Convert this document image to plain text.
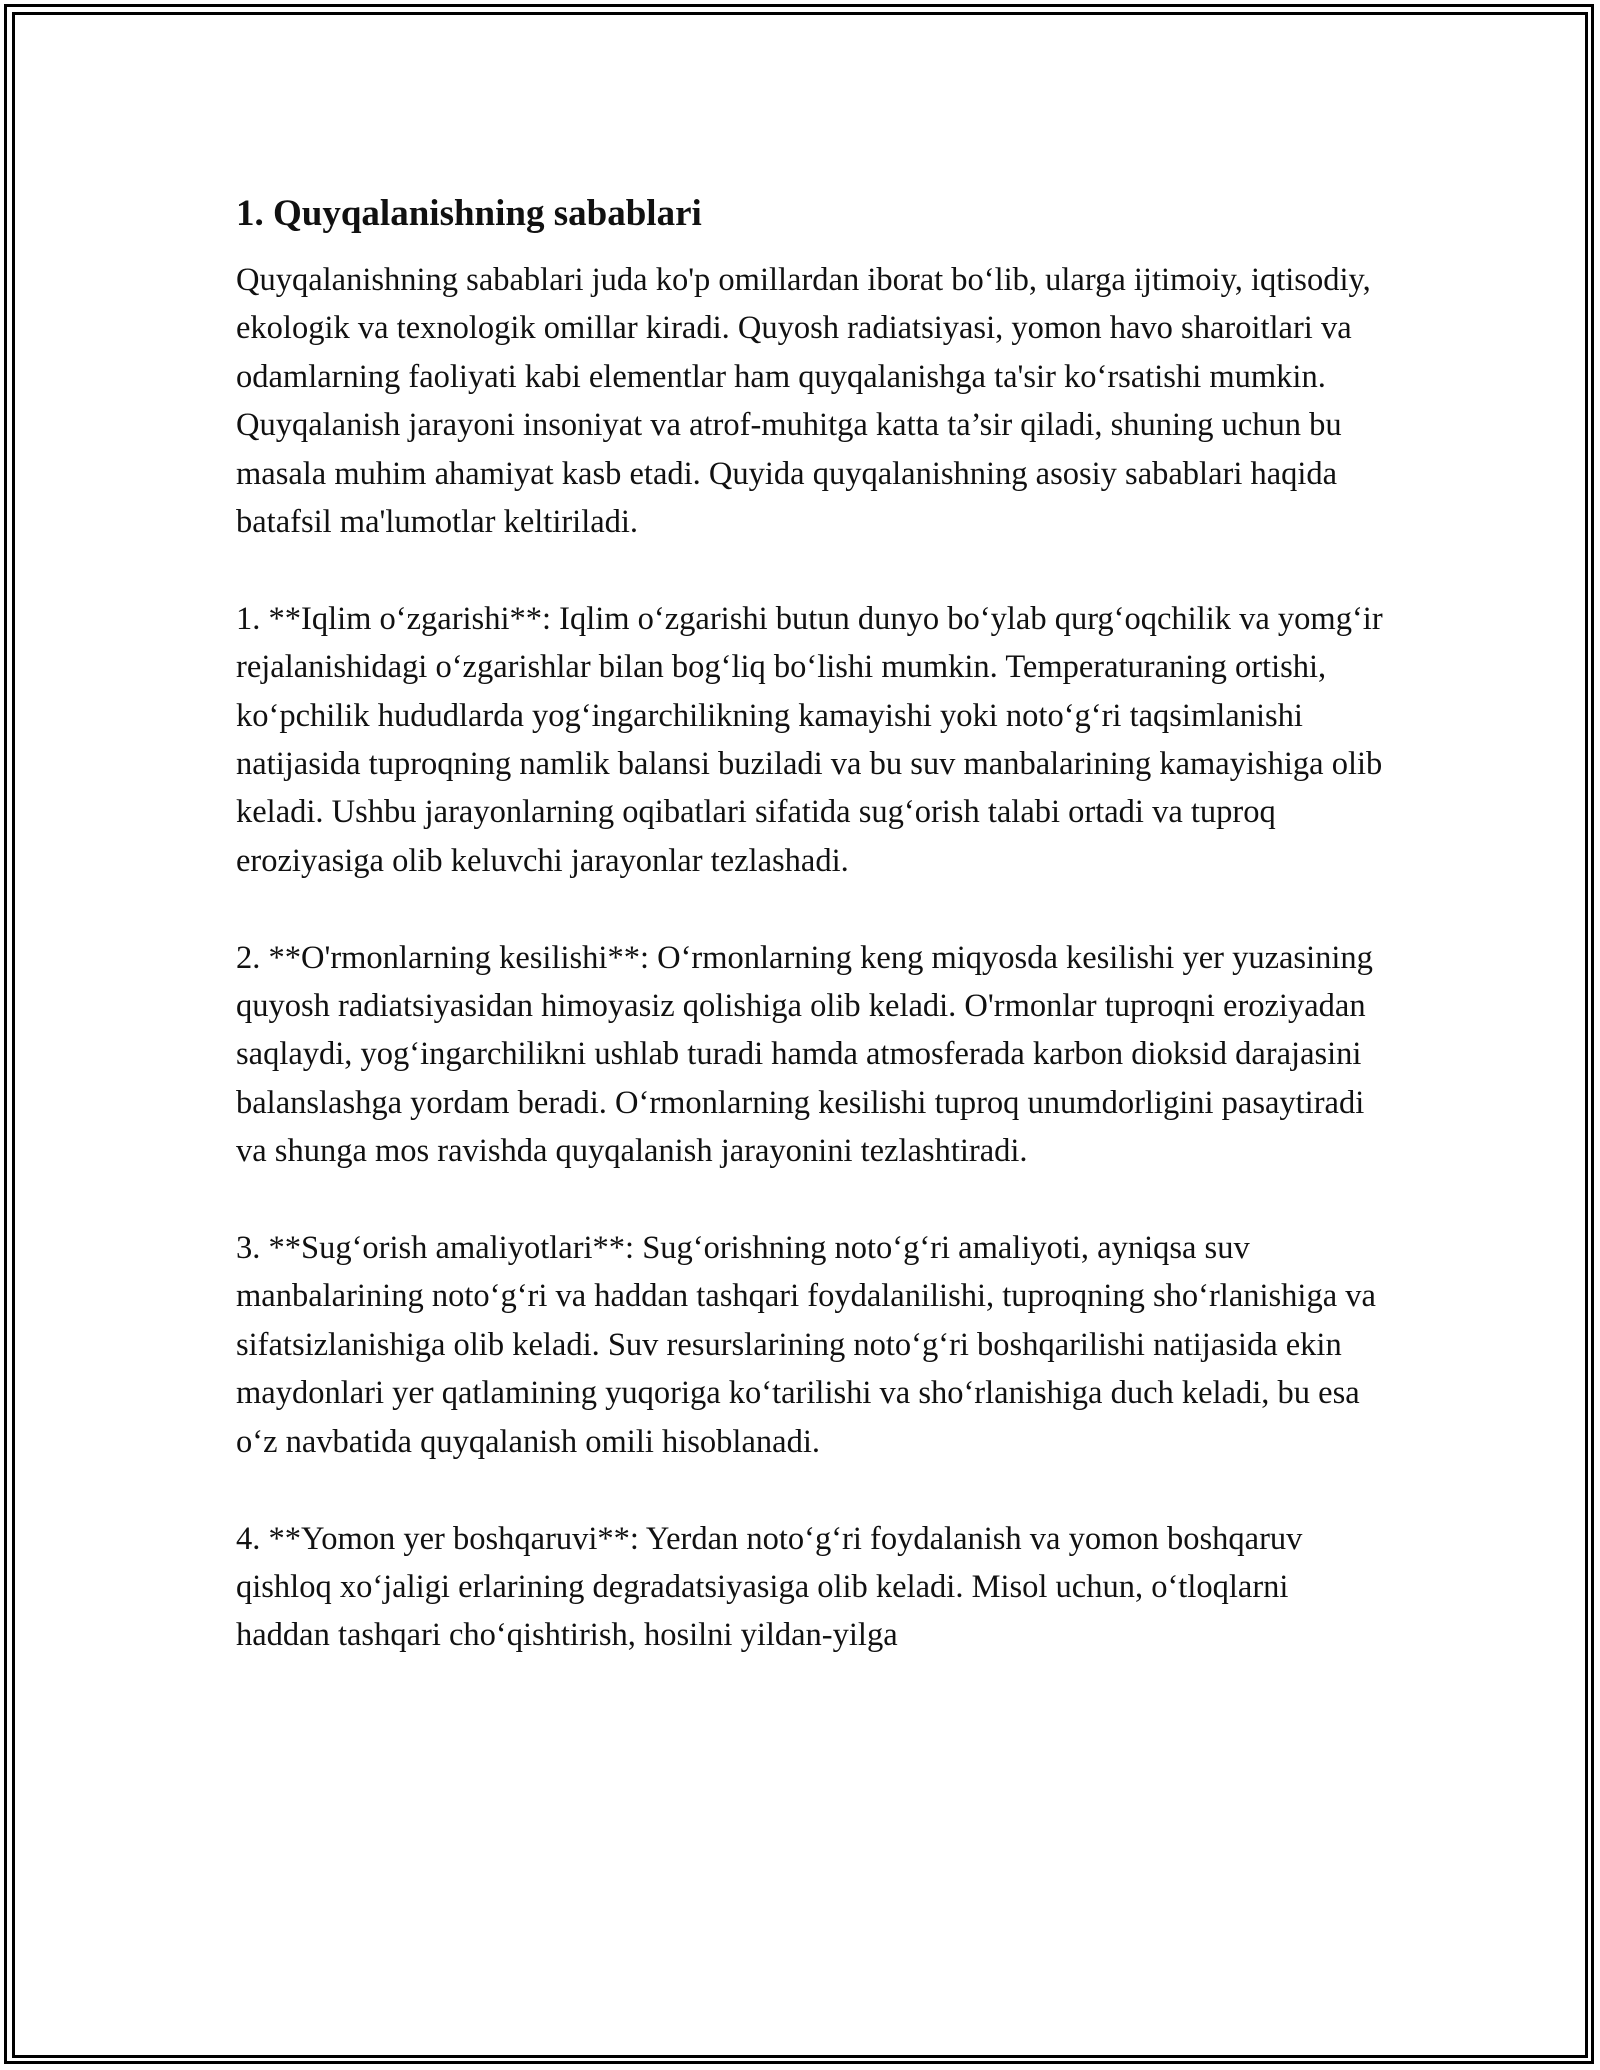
1. Quyqalanishning sabablari

Quyqalanishning sabablari juda ko'p omillardan iborat bo‘lib, ularga ijtimoiy, iqtisodiy, ekologik va texnologik omillar kiradi. Quyosh radiatsiyasi, yomon havo sharoitlari va odamlarning faoliyati kabi elementlar ham quyqalanishga ta'sir ko‘rsatishi mumkin. Quyqalanish jarayoni insoniyat va atrof-muhitga katta ta’sir qiladi, shuning uchun bu masala muhim ahamiyat kasb etadi. Quyida quyqalanishning asosiy sabablari haqida batafsil ma'lumotlar keltiriladi.

1. **Iqlim o‘zgarishi**: Iqlim o‘zgarishi butun dunyo bo‘ylab qurg‘oqchilik va yomg‘ir rejalanishidagi o‘zgarishlar bilan bog‘liq bo‘lishi mumkin. Temperaturaning ortishi, ko‘pchilik hududlarda yog‘ingarchilikning kamayishi yoki noto‘g‘ri taqsimlanishi natijasida tuproqning namlik balansi buziladi va bu suv manbalarining kamayishiga olib keladi. Ushbu jarayonlarning oqibatlari sifatida sug‘orish talabi ortadi va tuproq eroziyasiga olib keluvchi jarayonlar tezlashadi.

2. **O'rmonlarning kesilishi**: O‘rmonlarning keng miqyosda kesilishi yer yuzasining quyosh radiatsiyasidan himoyasiz qolishiga olib keladi. O'rmonlar tuproqni eroziyadan saqlaydi, yog‘ingarchilikni ushlab turadi hamda atmosferada karbon dioksid darajasini balanslashga yordam beradi. O‘rmonlarning kesilishi tuproq unumdorligini pasaytiradi va shunga mos ravishda quyqalanish jarayonini tezlashtiradi.

3. **Sug‘orish amaliyotlari**: Sug‘orishning noto‘g‘ri amaliyoti, ayniqsa suv manbalarining noto‘g‘ri va haddan tashqari foydalanilishi, tuproqning sho‘rlanishiga va sifatsizlanishiga olib keladi. Suv resurslarining noto‘g‘ri boshqarilishi natijasida ekin maydonlari yer qatlamining yuqoriga ko‘tarilishi va sho‘rlanishiga duch keladi, bu esa o‘z navbatida quyqalanish omili hisoblanadi.

4. **Yomon yer boshqaruvi**: Yerdan noto‘g‘ri foydalanish va yomon boshqaruv qishloq xo‘jaligi erlarining degradatsiyasiga olib keladi. Misol uchun, o‘tloqlarni haddan tashqari cho‘qishtirish, hosilni yildan-yilga
